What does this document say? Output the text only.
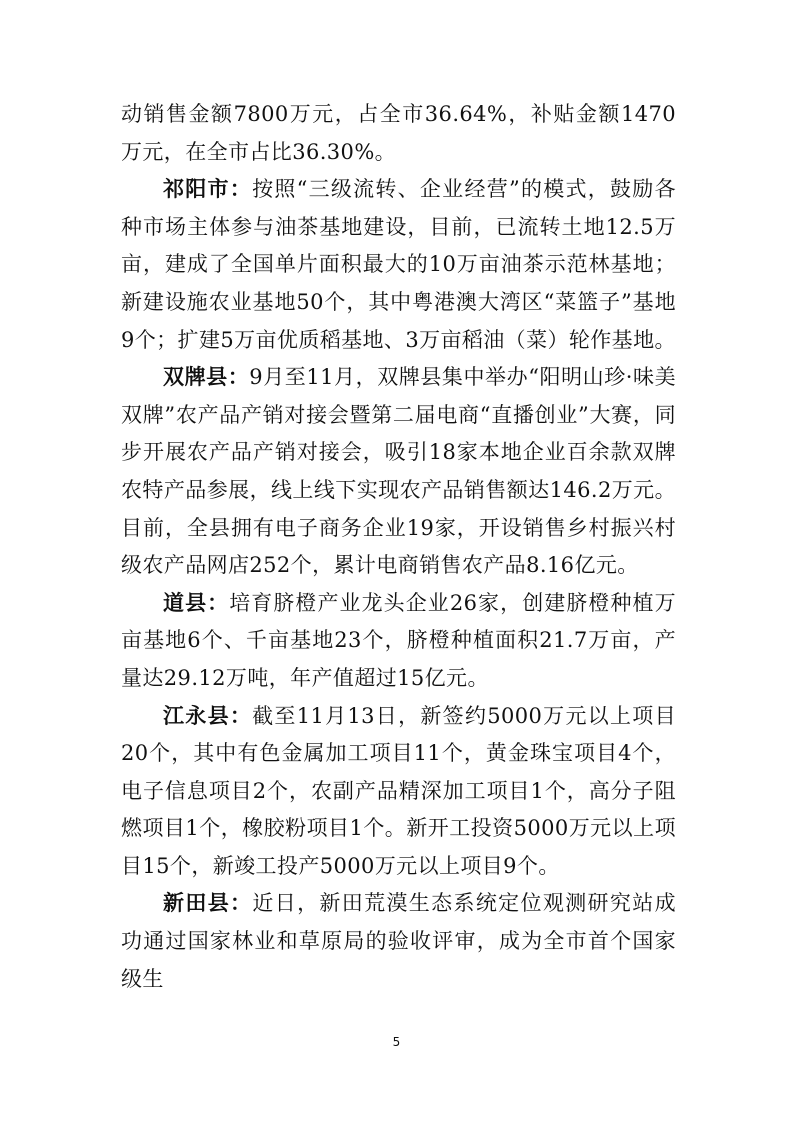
动销售金额7800万元，占全市36.64%，补贴金额1470万元，在全市占比36.30%。

祁阳市：按照“三级流转、企业经营”的模式，鼓励各种市场主体参与油茶基地建设，目前，已流转土地12.5万亩，建成了全国单片面积最大的10万亩油茶示范林基地；新建设施农业基地50个，其中粤港澳大湾区“菜篮子”基地9个；扩建5万亩优质稻基地、3万亩稻油（菜）轮作基地。

双牌县：9月至11月，双牌县集中举办“阳明山珍·味美双牌”农产品产销对接会暨第二届电商“直播创业”大赛，同步开展农产品产销对接会，吸引18家本地企业百余款双牌农特产品参展，线上线下实现农产品销售额达146.2万元。目前，全县拥有电子商务企业19家，开设销售乡村振兴村级农产品网店252个，累计电商销售农产品8.16亿元。

道县：培育脐橙产业龙头企业26家，创建脐橙种植万亩基地6个、千亩基地23个，脐橙种植面积21.7万亩，产量达29.12万吨，年产值超过15亿元。

江永县：截至11月13日，新签约5000万元以上项目20个，其中有色金属加工项目11个，黄金珠宝项目4个，电子信息项目2个，农副产品精深加工项目1个，高分子阻燃项目1个，橡胶粉项目1个。新开工投资5000万元以上项目15个，新竣工投产5000万元以上项目9个。

新田县：近日，新田荒漠生态系统定位观测研究站成功通过国家林业和草原局的验收评审，成为全市首个国家级生

5
